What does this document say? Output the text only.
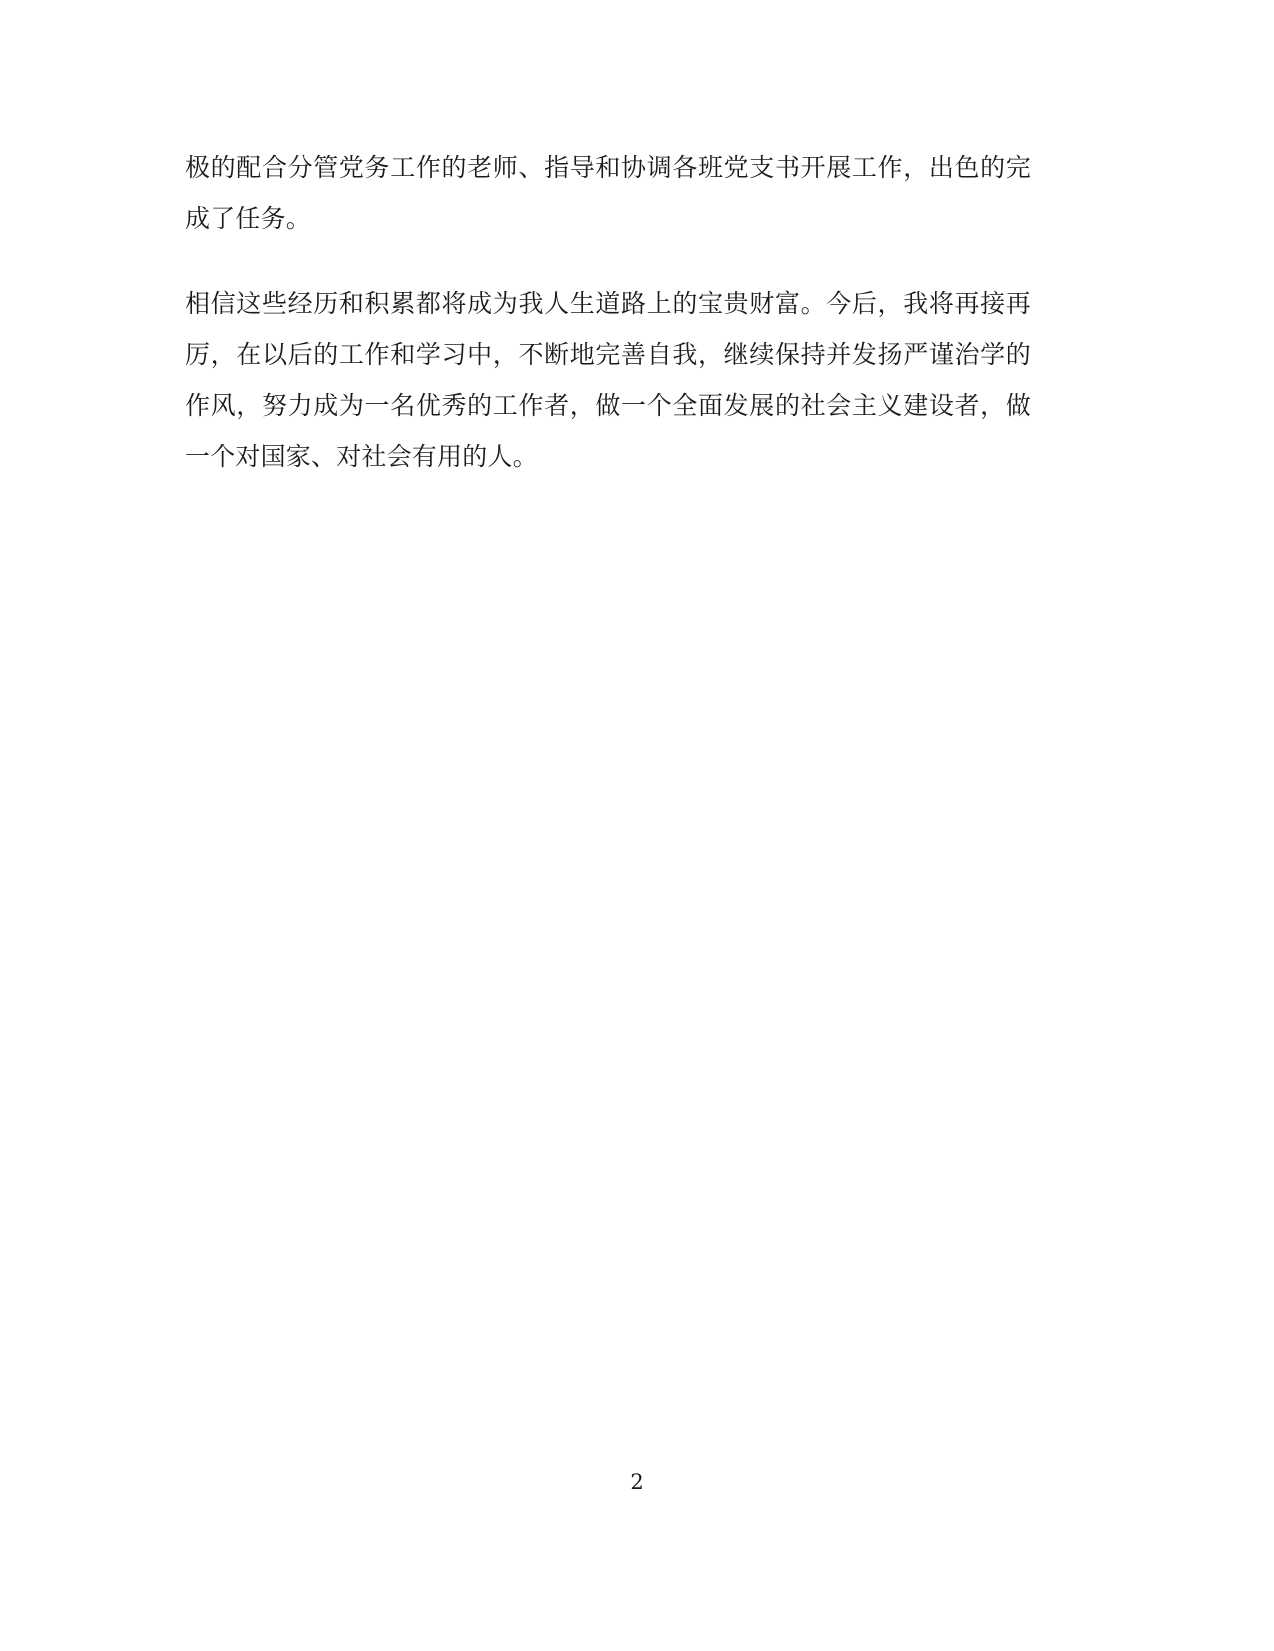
极的配合分管党务工作的老师、指导和协调各班党支书开展工作，出色的完成了任务。

相信这些经历和积累都将成为我人生道路上的宝贵财富。今后，我将再接再厉，在以后的工作和学习中，不断地完善自我，继续保持并发扬严谨治学的作风，努力成为一名优秀的工作者，做一个全面发展的社会主义建设者，做一个对国家、对社会有用的人。

2
